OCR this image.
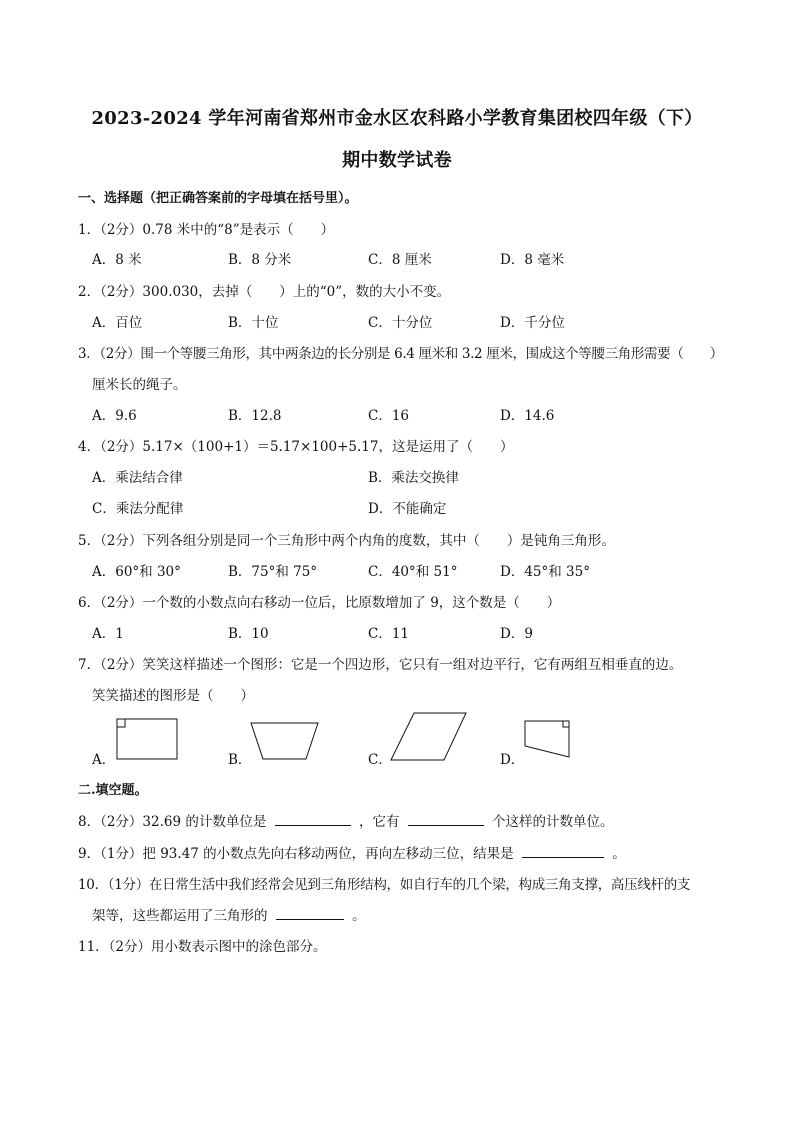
2023-2024 学年河南省郑州市金水区农科路小学教育集团校四年级（下）
期中数学试卷
一、选择题（把正确答案前的字母填在括号里）。
1．（2分）0.78 米中的“8”是表示（　　）
A．8 米	B．8 分米	C．8 厘米	D．8 毫米
2．（2分）300.030，去掉（　　）上的“0”，数的大小不变。
A．百位	B．十位	C．十分位	D．千分位
3．（2分）围一个等腰三角形，其中两条边的长分别是 6.4 厘米和 3.2 厘米，围成这个等腰三角形需要（　　）
厘米长的绳子。
A．9.6	B．12.8	C．16	D．14.6
4．（2分）5.17×（100+1）＝5.17×100+5.17，这是运用了（　　）
A．乘法结合律	B．乘法交换律
C．乘法分配律	D．不能确定
5．（2分）下列各组分别是同一个三角形中两个内角的度数，其中（　　）是钝角三角形。
A．60°和 30°	B．75°和 75°	C．40°和 51°	D．45°和 35°
6．（2分）一个数的小数点向右移动一位后，比原数增加了 9，这个数是（　　）
A．1	B．10	C．11	D．9
7．（2分）笑笑这样描述一个图形：它是一个四边形，它只有一组对边平行，它有两组互相垂直的边。
笑笑描述的图形是（　　）
A．	B．	C．	D．
二.填空题。
8．（2分）32.69 的计数单位是	，它有	个这样的计数单位。
9．（1分）把 93.47 的小数点先向右移动两位，再向左移动三位，结果是	。
10．（1分）在日常生活中我们经常会见到三角形结构，如自行车的几个梁，构成三角支撑，高压线杆的支
架等，这些都运用了三角形的	。
11．（2分）用小数表示图中的涂色部分。
